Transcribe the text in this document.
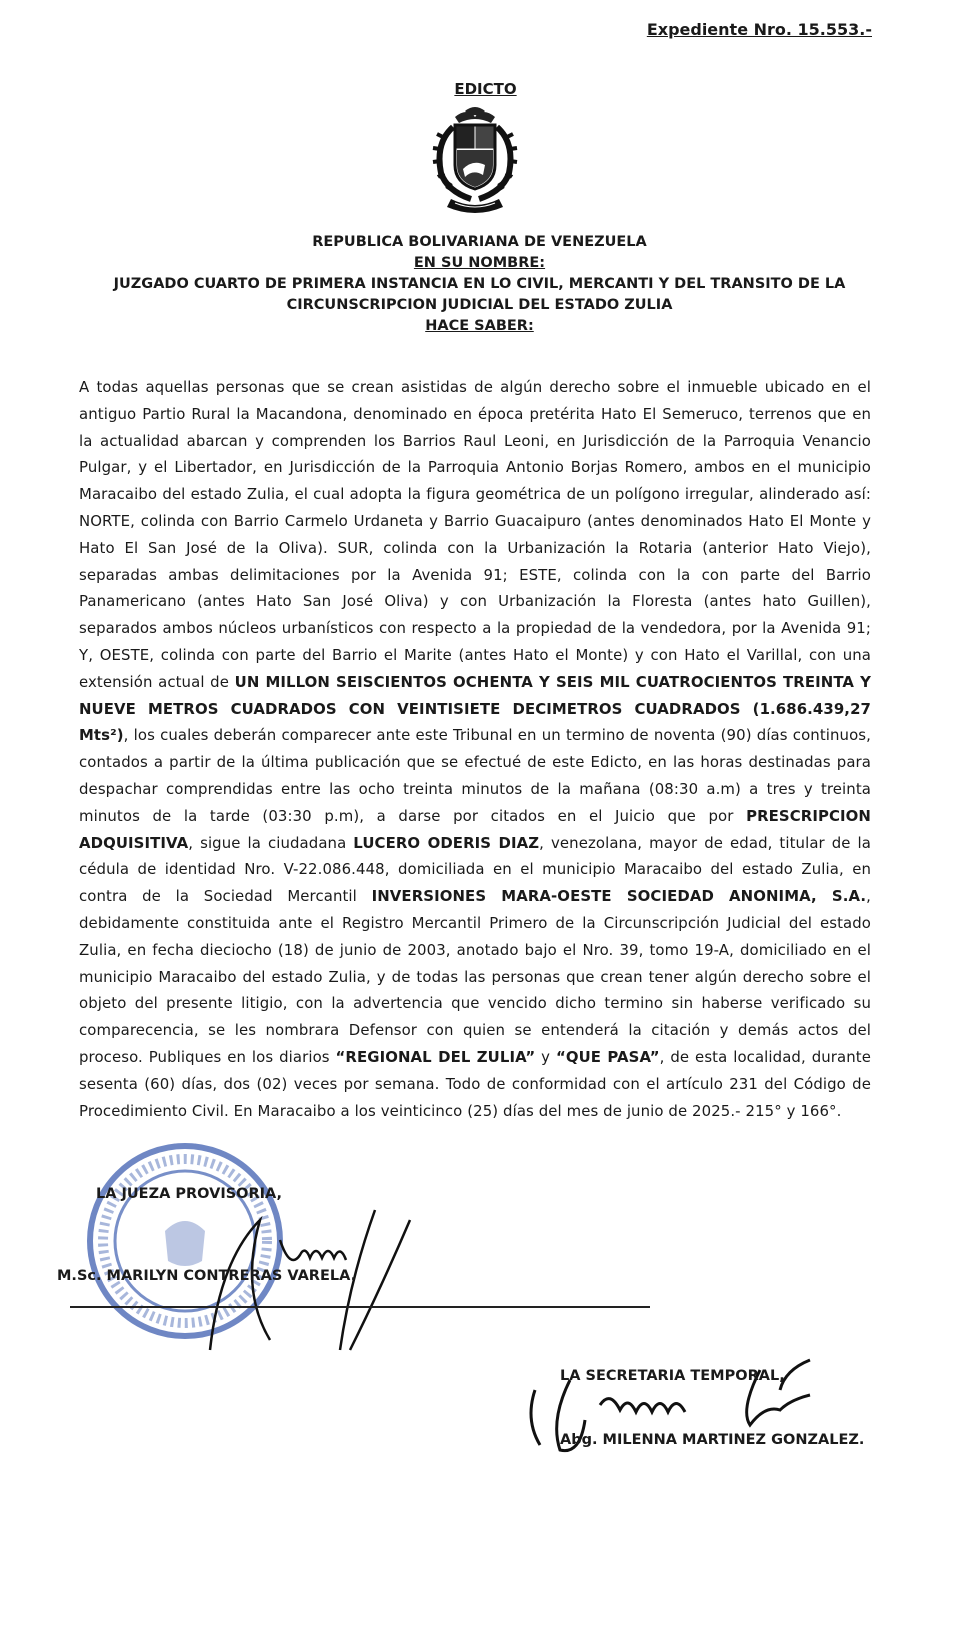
Expediente Nro. 15.553.-
EDICTO
REPUBLICA BOLIVARIANA DE VENEZUELA
EN SU NOMBRE:
JUZGADO CUARTO DE PRIMERA INSTANCIA EN LO CIVIL, MERCANTI Y DEL TRANSITO DE LA
CIRCUNSCRIPCION JUDICIAL DEL ESTADO ZULIA
HACE SABER:
A todas aquellas personas que se crean asistidas de algún derecho sobre el inmueble ubicado en el antiguo Partio Rural la Macandona, denominado en época pretérita Hato El Semeruco, terrenos que en la actualidad abarcan y comprenden los Barrios Raul Leoni, en Jurisdicción de la Parroquia Venancio Pulgar, y el Libertador, en Jurisdicción de la Parroquia Antonio Borjas Romero, ambos en el municipio Maracaibo del estado Zulia, el cual adopta la figura geométrica de un polígono irregular, alinderado así: NORTE, colinda con Barrio Carmelo Urdaneta y Barrio Guacaipuro (antes denominados Hato El Monte y Hato El San José de la Oliva). SUR, colinda con la Urbanización la Rotaria (anterior Hato Viejo), separadas ambas delimitaciones por la Avenida 91; ESTE, colinda con la con parte del Barrio Panamericano (antes Hato San José Oliva) y con Urbanización la Floresta (antes hato Guillen), separados ambos núcleos urbanísticos con respecto a la propiedad de la vendedora, por la Avenida 91; Y, OESTE, colinda con parte del Barrio el Marite (antes Hato el Monte) y con Hato el Varillal, con una extensión actual de UN MILLON SEISCIENTOS OCHENTA Y SEIS MIL CUATROCIENTOS TREINTA Y NUEVE METROS CUADRADOS CON VEINTISIETE DECIMETROS CUADRADOS (1.686.439,27 Mts²), los cuales deberán comparecer ante este Tribunal en un termino de noventa (90) días continuos, contados a partir de la última publicación que se efectué de este Edicto, en las horas destinadas para despachar comprendidas entre las ocho treinta minutos de la mañana (08:30 a.m) a tres y treinta minutos de la tarde (03:30 p.m), a darse por citados en el Juicio que por PRESCRIPCION ADQUISITIVA, sigue la ciudadana LUCERO ODERIS DIAZ, venezolana, mayor de edad, titular de la cédula de identidad Nro. V-22.086.448, domiciliada en el municipio Maracaibo del estado Zulia, en contra de la Sociedad Mercantil INVERSIONES MARA-OESTE SOCIEDAD ANONIMA, S.A., debidamente constituida ante el Registro Mercantil Primero de la Circunscripción Judicial del estado Zulia, en fecha dieciocho (18) de junio de 2003, anotado bajo el Nro. 39, tomo 19-A, domiciliado en el municipio Maracaibo del estado Zulia, y de todas las personas que crean tener algún derecho sobre el objeto del presente litigio, con la advertencia que vencido dicho termino sin haberse verificado su comparecencia, se les nombrara Defensor con quien se entenderá la citación y demás actos del proceso. Publiques en los diarios “REGIONAL DEL ZULIA” y “QUE PASA”, de esta localidad, durante sesenta (60) días, dos (02) veces por semana. Todo de conformidad con el artículo 231 del Código de Procedimiento Civil. En Maracaibo a los veinticinco (25) días del mes de junio de 2025.- 215° y 166°.
LA JUEZA PROVISORIA,
M.Sc. MARILYN CONTRERAS VARELA.
LA SECRETARIA TEMPORAL,
Abg. MILENNA MARTINEZ GONZALEZ.
